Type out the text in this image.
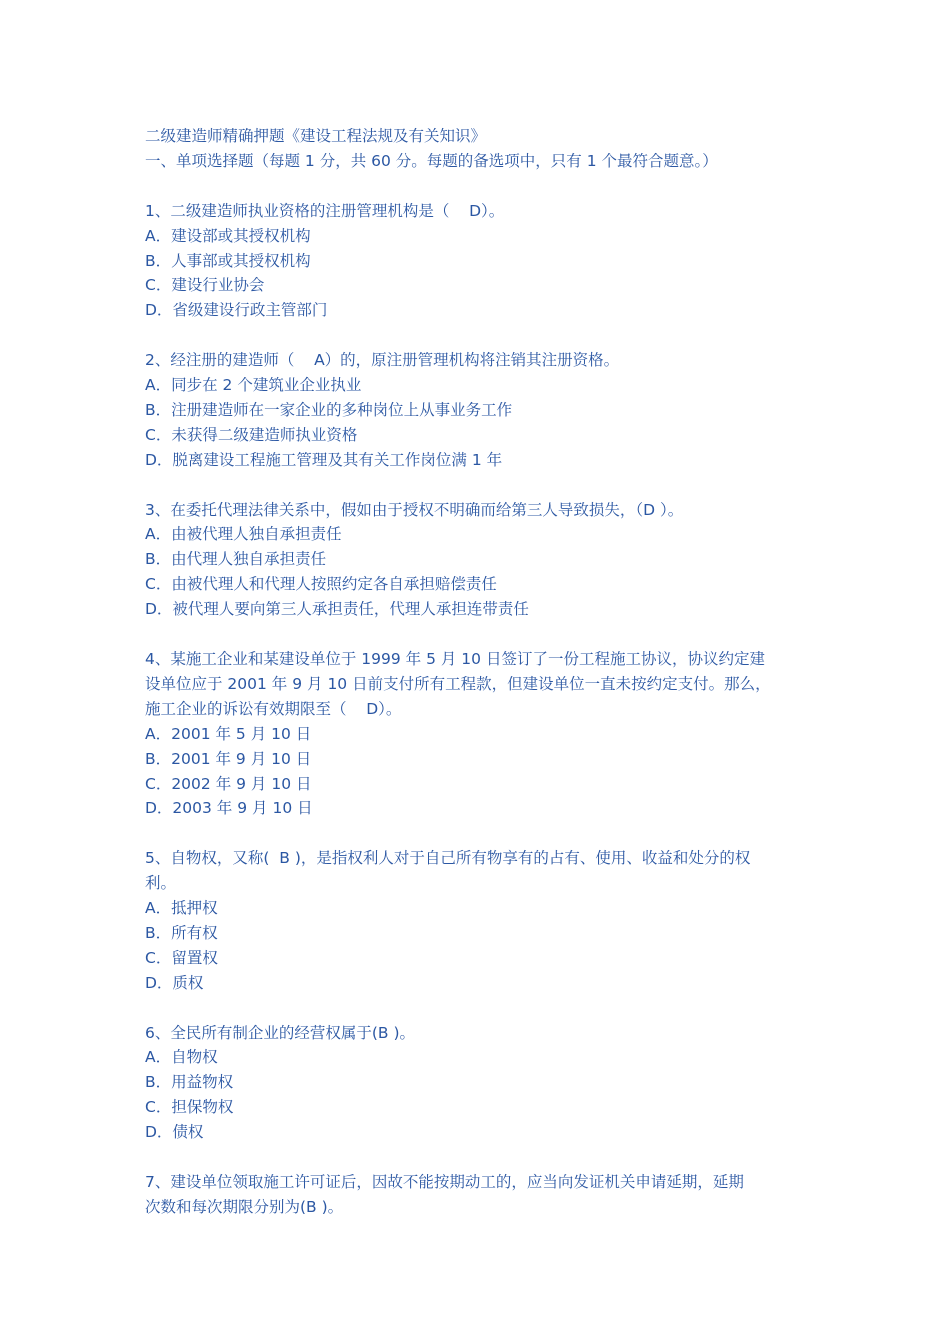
二级建造师精确押题《建设工程法规及有关知识》
一、单项选择题（每题 1 分，共 60 分。每题的备选项中，只有 1 个最符合题意。）
1、二级建造师执业资格的注册管理机构是（    D）。
A．建设部或其授权机构
B．人事部或其授权机构
C．建设行业协会
D．省级建设行政主管部门
2、经注册的建造师（    A）的，原注册管理机构将注销其注册资格。
A．同步在 2 个建筑业企业执业
B．注册建造师在一家企业的多种岗位上从事业务工作
C．未获得二级建造师执业资格
D．脱离建设工程施工管理及其有关工作岗位满 1 年
3、在委托代理法律关系中，假如由于授权不明确而给第三人导致损失，（D ）。
A．由被代理人独自承担责任
B．由代理人独自承担责任
C．由被代理人和代理人按照约定各自承担赔偿责任
D．被代理人要向第三人承担责任，代理人承担连带责任
4、某施工企业和某建设单位于 1999 年 5 月 10 日签订了一份工程施工协议，协议约定建
设单位应于 2001 年 9 月 10 日前支付所有工程款，但建设单位一直未按约定支付。那么，
施工企业的诉讼有效期限至（    D）。
A．2001 年 5 月 10 日
B．2001 年 9 月 10 日
C．2002 年 9 月 10 日
D．2003 年 9 月 10 日
5、自物权，又称(  B )，是指权利人对于自己所有物享有的占有、使用、收益和处分的权
利。
A．抵押权
B．所有权
C．留置权
D．质权
6、全民所有制企业的经营权属于(B )。
A．自物权
B．用益物权
C．担保物权
D．债权
7、建设单位领取施工许可证后，因故不能按期动工的，应当向发证机关申请延期，延期
次数和每次期限分别为(B )。
